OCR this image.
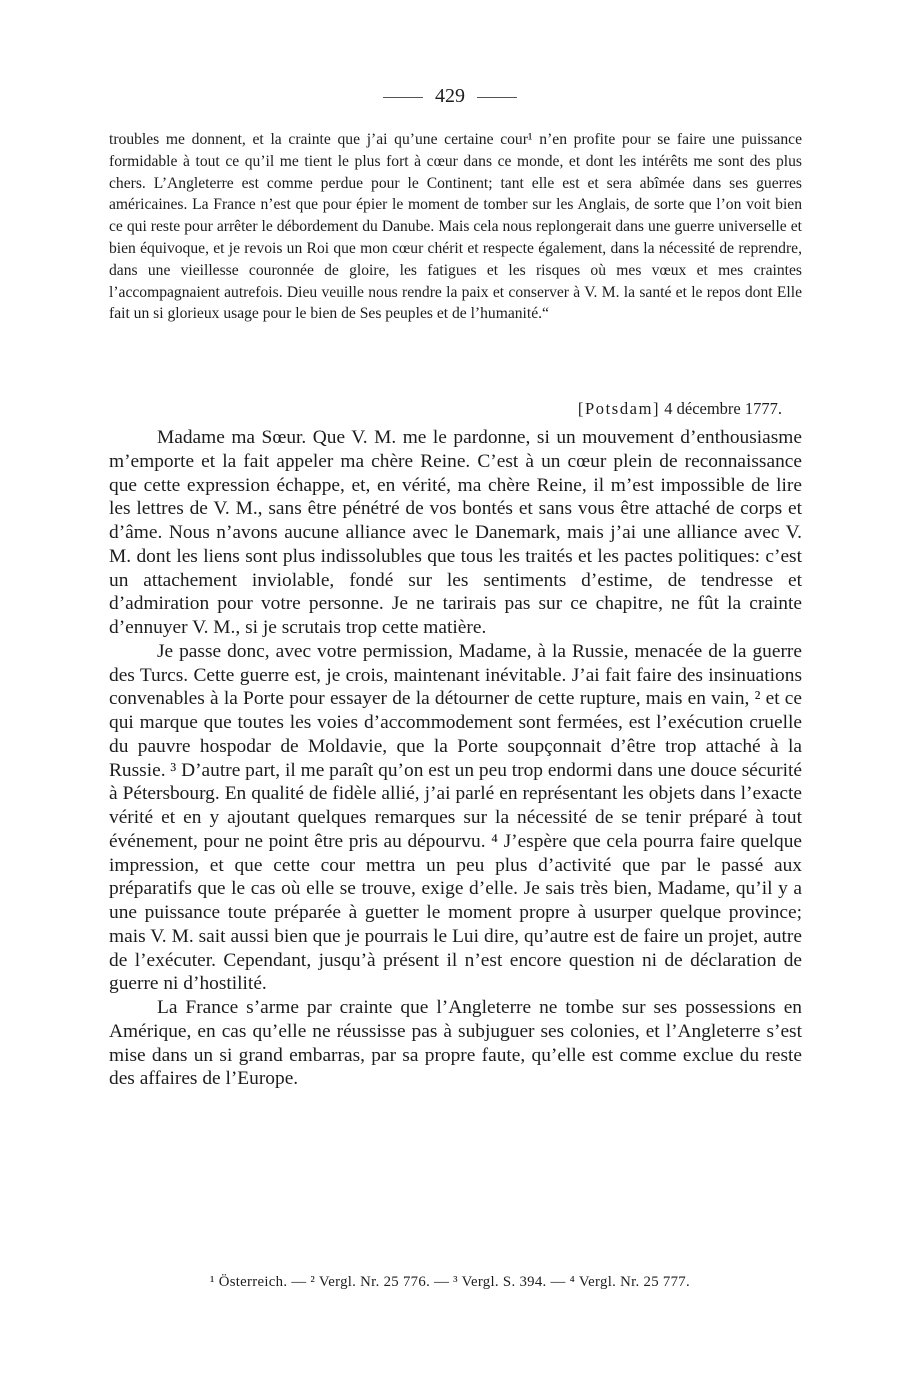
429

troubles me donnent, et la crainte que j’ai qu’une certaine cour¹ n’en profite pour se faire une puissance formidable à tout ce qu’il me tient le plus fort à cœur dans ce monde, et dont les intérêts me sont des plus chers. L’Angleterre est comme perdue pour le Continent; tant elle est et sera abîmée dans ses guerres américaines. La France n’est que pour épier le moment de tomber sur les Anglais, de sorte que l’on voit bien ce qui reste pour arrêter le débordement du Danube. Mais cela nous replongerait dans une guerre universelle et bien équivoque, et je revois un Roi que mon cœur chérit et respecte également, dans la nécessité de reprendre, dans une vieillesse couronnée de gloire, les fatigues et les risques où mes vœux et mes craintes l’accompagnaient autrefois. Dieu veuille nous rendre la paix et conserver à V. M. la santé et le repos dont Elle fait un si glorieux usage pour le bien de Ses peuples et de l’humanité.“

[Potsdam] 4 décembre 1777.

Madame ma Sœur. Que V. M. me le pardonne, si un mouvement d’enthousiasme m’emporte et la fait appeler ma chère Reine. C’est à un cœur plein de reconnaissance que cette expression échappe, et, en vérité, ma chère Reine, il m’est impossible de lire les lettres de V. M., sans être pénétré de vos bontés et sans vous être attaché de corps et d’âme. Nous n’avons aucune alliance avec le Danemark, mais j’ai une alliance avec V. M. dont les liens sont plus indissolubles que tous les traités et les pactes politiques: c’est un attachement inviolable, fondé sur les sentiments d’estime, de tendresse et d’admiration pour votre personne. Je ne tarirais pas sur ce chapitre, ne fût la crainte d’ennuyer V. M., si je scrutais trop cette matière.

Je passe donc, avec votre permission, Madame, à la Russie, menacée de la guerre des Turcs. Cette guerre est, je crois, maintenant inévitable. J’ai fait faire des insinuations convenables à la Porte pour essayer de la détourner de cette rupture, mais en vain, ² et ce qui marque que toutes les voies d’accommodement sont fermées, est l’exécution cruelle du pauvre hospodar de Moldavie, que la Porte soupçonnait d’être trop attaché à la Russie. ³ D’autre part, il me paraît qu’on est un peu trop endormi dans une douce sécurité à Pétersbourg. En qualité de fidèle allié, j’ai parlé en représentant les objets dans l’exacte vérité et en y ajoutant quelques remarques sur la nécessité de se tenir préparé à tout événement, pour ne point être pris au dépourvu. ⁴ J’espère que cela pourra faire quelque impression, et que cette cour mettra un peu plus d’activité que par le passé aux préparatifs que le cas où elle se trouve, exige d’elle. Je sais très bien, Madame, qu’il y a une puissance toute préparée à guetter le moment propre à usurper quelque province; mais V. M. sait aussi bien que je pourrais le Lui dire, qu’autre est de faire un projet, autre de l’exécuter. Cependant, jusqu’à présent il n’est encore question ni de déclaration de guerre ni d’hostilité.

La France s’arme par crainte que l’Angleterre ne tombe sur ses possessions en Amérique, en cas qu’elle ne réussisse pas à subjuguer ses colonies, et l’Angleterre s’est mise dans un si grand embarras, par sa propre faute, qu’elle est comme exclue du reste des affaires de l’Europe.

¹ Österreich. — ² Vergl. Nr. 25 776. — ³ Vergl. S. 394. — ⁴ Vergl. Nr. 25 777.
